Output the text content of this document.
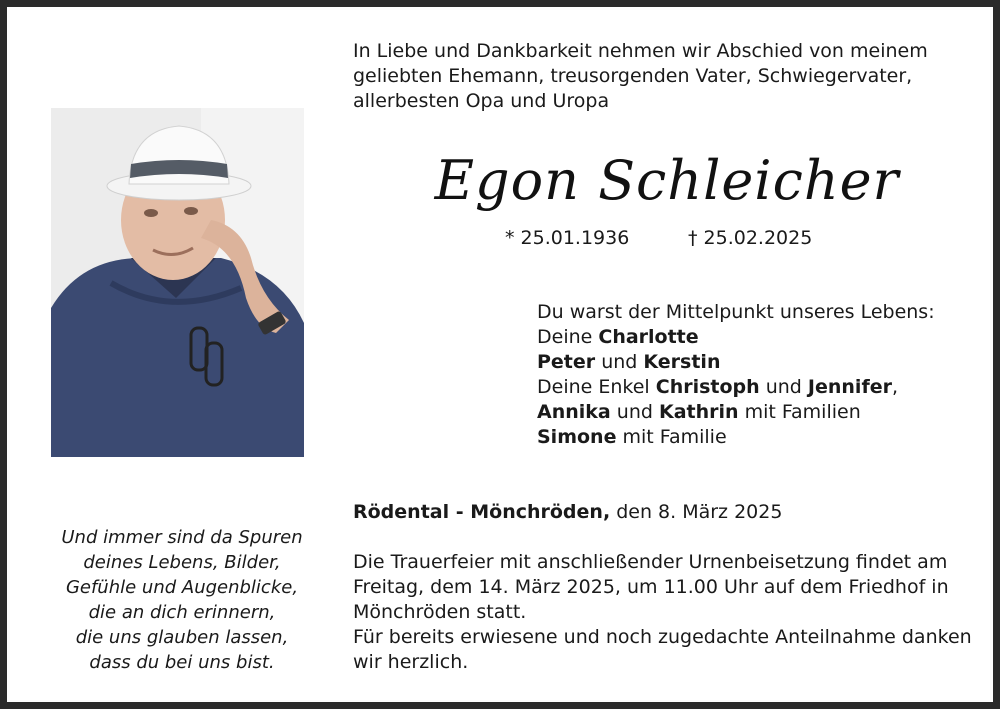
In Liebe und Dankbarkeit nehmen wir Abschied von meinem geliebten Ehemann, treusorgenden Vater, Schwiegervater, allerbesten Opa und Uropa
Egon Schleicher
* 25.01.1936	† 25.02.2025

Du warst der Mittelpunkt unseres Lebens:

Deine Charlotte

Peter und Kerstin

Deine Enkel Christoph und Jennifer,

Annika und Kathrin mit Familien

Simone mit Familie

Rödental - Mönchröden, den 8. März 2025

Die Trauerfeier mit anschließender Urnenbeisetzung findet am Freitag, dem 14. März 2025, um 11.00 Uhr auf dem Friedhof in Mönchröden statt.

Für bereits erwiesene und noch zugedachte Anteilnahme danken wir herzlich.

Und immer sind da Spuren
deines Lebens, Bilder,
Gefühle und Augenblicke,
die an dich erinnern,
die uns glauben lassen,
dass du bei uns bist.
